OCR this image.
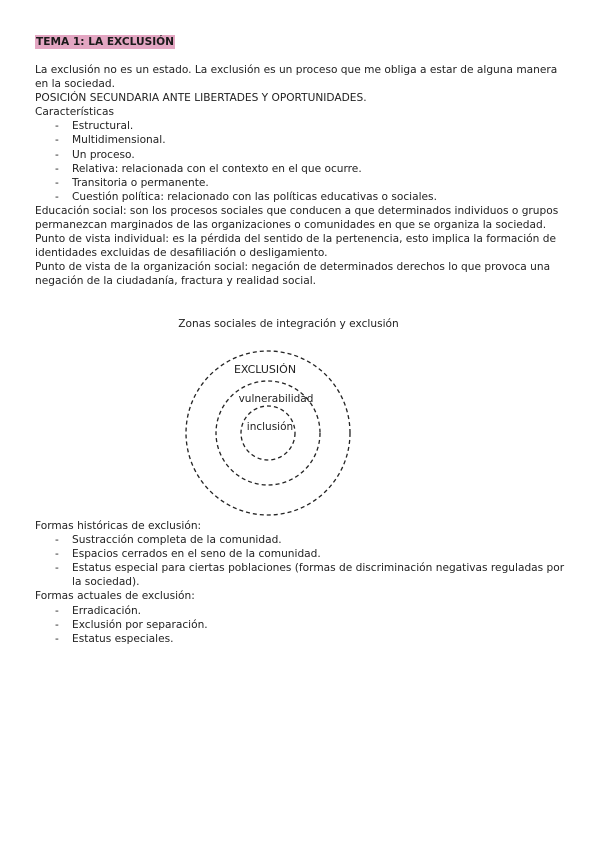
TEMA 1: LA EXCLUSIÓN

La exclusión no es un estado. La exclusión es un proceso que me obliga a estar de alguna manera en la sociedad.

POSICIÓN SECUNDARIA ANTE LIBERTADES Y OPORTUNIDADES.

Características

- Estructural.
- Multidimensional.
- Un proceso.
- Relativa: relacionada con el contexto en el que ocurre.
- Transitoria o permanente.
- Cuestión política: relacionado con las políticas educativas o sociales.

Educación social: son los procesos sociales que conducen a que determinados individuos o grupos permanezcan marginados de las organizaciones o comunidades en que se organiza la sociedad.

Punto de vista individual: es la pérdida del sentido de la pertenencia, esto implica la formación de identidades excluidas de desafiliación o desligamiento.

Punto de vista de la organización social: negación de determinados derechos lo que provoca una negación de la ciudadanía, fractura y realidad social.

Zonas sociales de integración y exclusión
EXCLUSIÓN
vulnerabilidad
inclusión

Formas históricas de exclusión:

- Sustracción completa de la comunidad.
- Espacios cerrados en el seno de la comunidad.
- Estatus especial para ciertas poblaciones (formas de discriminación negativas reguladas por la sociedad).

Formas actuales de exclusión:

- Erradicación.
- Exclusión por separación.
- Estatus especiales.
